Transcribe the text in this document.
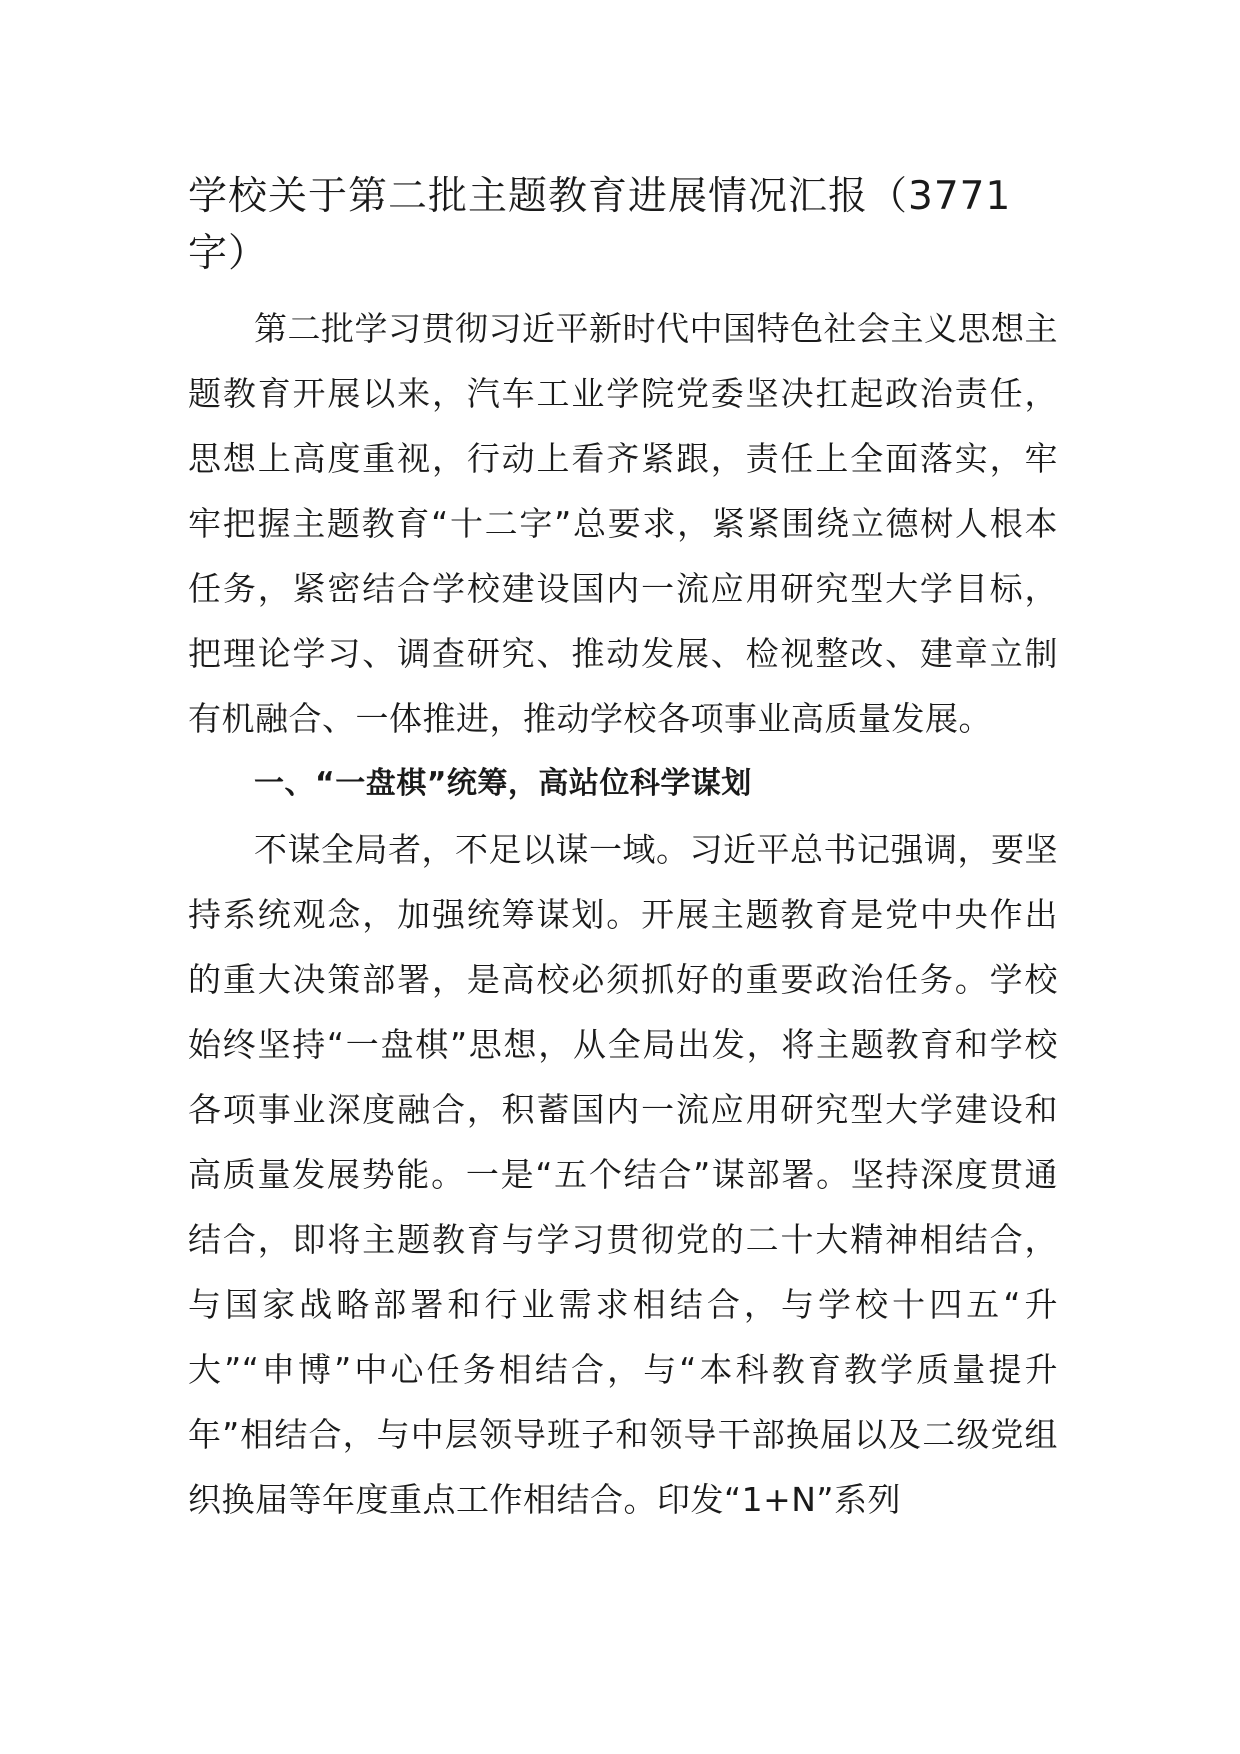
学校关于第二批主题教育进展情况汇报（3771字）

第二批学习贯彻习近平新时代中国特色社会主义思想主题教育开展以来，汽车工业学院党委坚决扛起政治责任，思想上高度重视，行动上看齐紧跟，责任上全面落实，牢牢把握主题教育“十二字”总要求，紧紧围绕立德树人根本任务，紧密结合学校建设国内一流应用研究型大学目标，把理论学习、调查研究、推动发展、检视整改、建章立制有机融合、一体推进，推动学校各项事业高质量发展。

一、“一盘棋”统筹，高站位科学谋划

不谋全局者，不足以谋一域。习近平总书记强调，要坚持系统观念，加强统筹谋划。开展主题教育是党中央作出的重大决策部署，是高校必须抓好的重要政治任务。学校始终坚持“一盘棋”思想，从全局出发，将主题教育和学校各项事业深度融合，积蓄国内一流应用研究型大学建设和高质量发展势能。一是“五个结合”谋部署。坚持深度贯通结合，即将主题教育与学习贯彻党的二十大精神相结合，与国家战略部署和行业需求相结合，与学校十四五“升大”“申博”中心任务相结合，与“本科教育教学质量提升年”相结合，与中层领导班子和领导干部换届以及二级党组织换届等年度重点工作相结合。印发“1+N”系列
